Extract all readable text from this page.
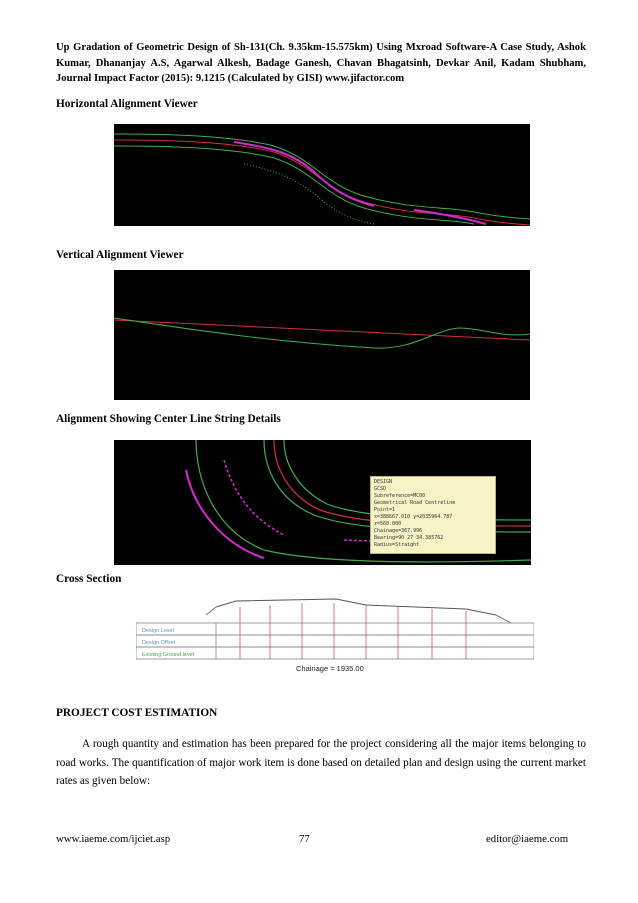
Up Gradation of Geometric Design of Sh-131(Ch. 9.35km-15.575km) Using Mxroad Software-A Case Study, Ashok Kumar, Dhananjay A.S, Agarwal Alkesh, Badage Ganesh, Chavan Bhagatsinh, Devkar Anil, Kadam Shubham, Journal Impact Factor (2015): 9.1215 (Calculated by GISI) www.jifactor.com
Horizontal Alignment Viewer
Vertical Alignment Viewer
Alignment Showing Center Line String Details
DESIGN
GCSD
Subreference=MC00
Geometrical Road Centreline
Point=1
x=388667.010 y=2035964.787
z=560.000
Chainage=367.996
Bearing=90 27 34.385762
Radius=Straight
Cross Section
Design Level
Design Offset
Existing Ground level
Chainage = 1935.00
PROJECT COST ESTIMATION
A rough quantity and estimation has been prepared for the project considering all the major items belonging to road works. The quantification of major work item is done based on detailed plan and design using the current market rates as given below:
www.iaeme.com/ijciet.asp	77	editor@iaeme.com
